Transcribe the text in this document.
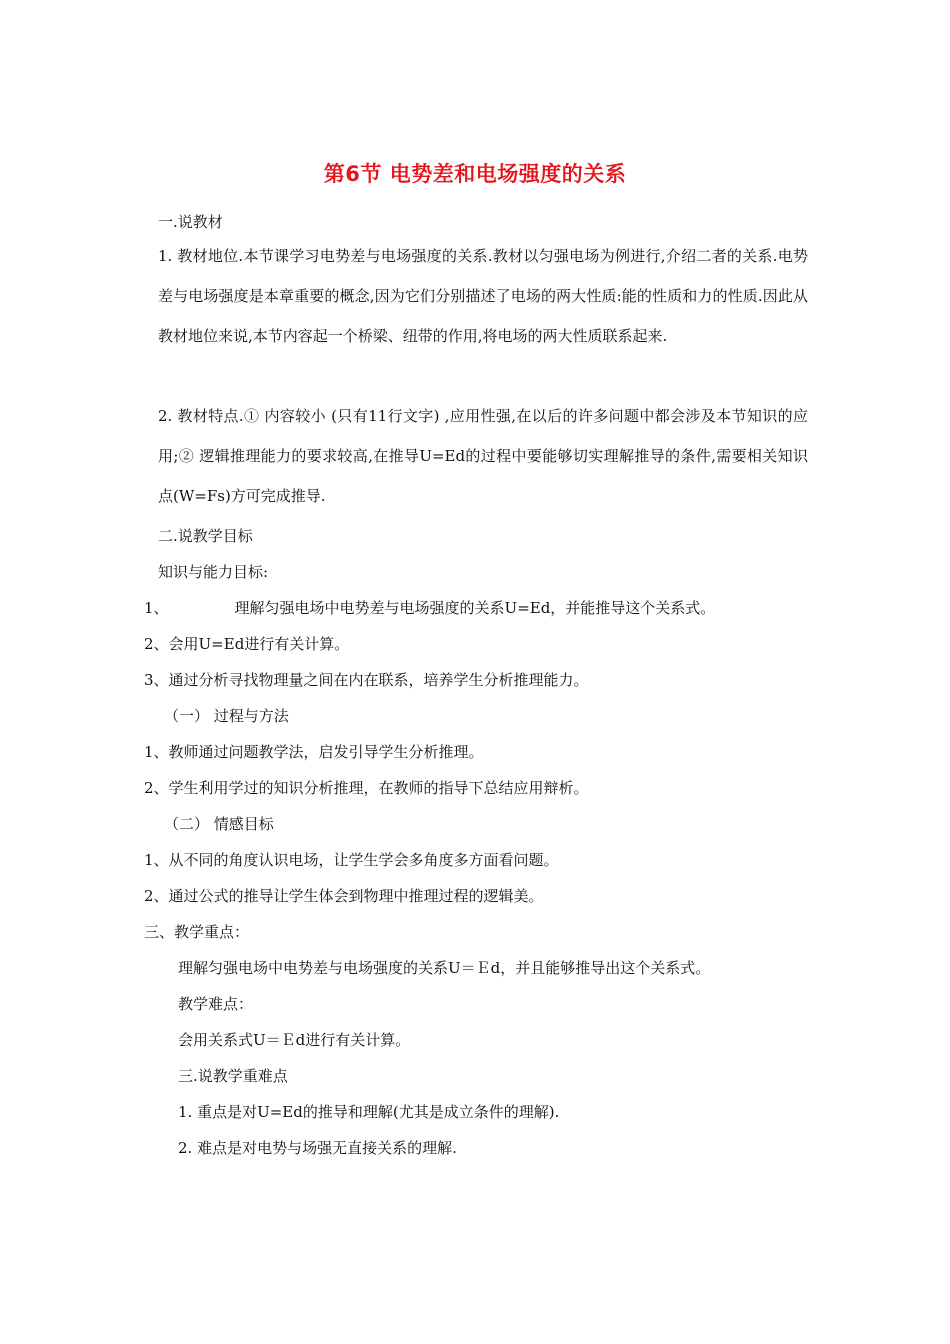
第6节 电势差和电场强度的关系
一.说教材
1. 教材地位.本节课学习电势差与电场强度的关系.教材以匀强电场为例进行,介绍二者的关系.电势差与电场强度是本章重要的概念,因为它们分别描述了电场的两大性质:能的性质和力的性质.因此从教材地位来说,本节内容起一个桥梁、纽带的作用,将电场的两大性质联系起来.
2. 教材特点.① 内容较小 (只有11行文字) ,应用性强,在以后的许多问题中都会涉及本节知识的应用;② 逻辑推理能力的要求较高,在推导U=Ed的过程中要能够切实理解推导的条件,需要相关知识点(W=Fs)方可完成推导.
二.说教学目标
知识与能力目标:
1、	理解匀强电场中电势差与电场强度的关系U=Ed，并能推导这个关系式。
2、会用U=Ed进行有关计算。
3、通过分析寻找物理量之间在内在联系，培养学生分析推理能力。
（一） 过程与方法
1、教师通过问题教学法，启发引导学生分析推理。
2、学生利用学过的知识分析推理，在教师的指导下总结应用辩析。
（二） 情感目标
1、从不同的角度认识电场，让学生学会多角度多方面看问题。
2、通过公式的推导让学生体会到物理中推理过程的逻辑美。
三、教学重点：
理解匀强电场中电势差与电场强度的关系U＝Ｅd，并且能够推导出这个关系式。
教学难点：
会用关系式U＝Ｅd进行有关计算。
三.说教学重难点
1. 重点是对U=Ed的推导和理解(尤其是成立条件的理解).
2. 难点是对电势与场强无直接关系的理解.
